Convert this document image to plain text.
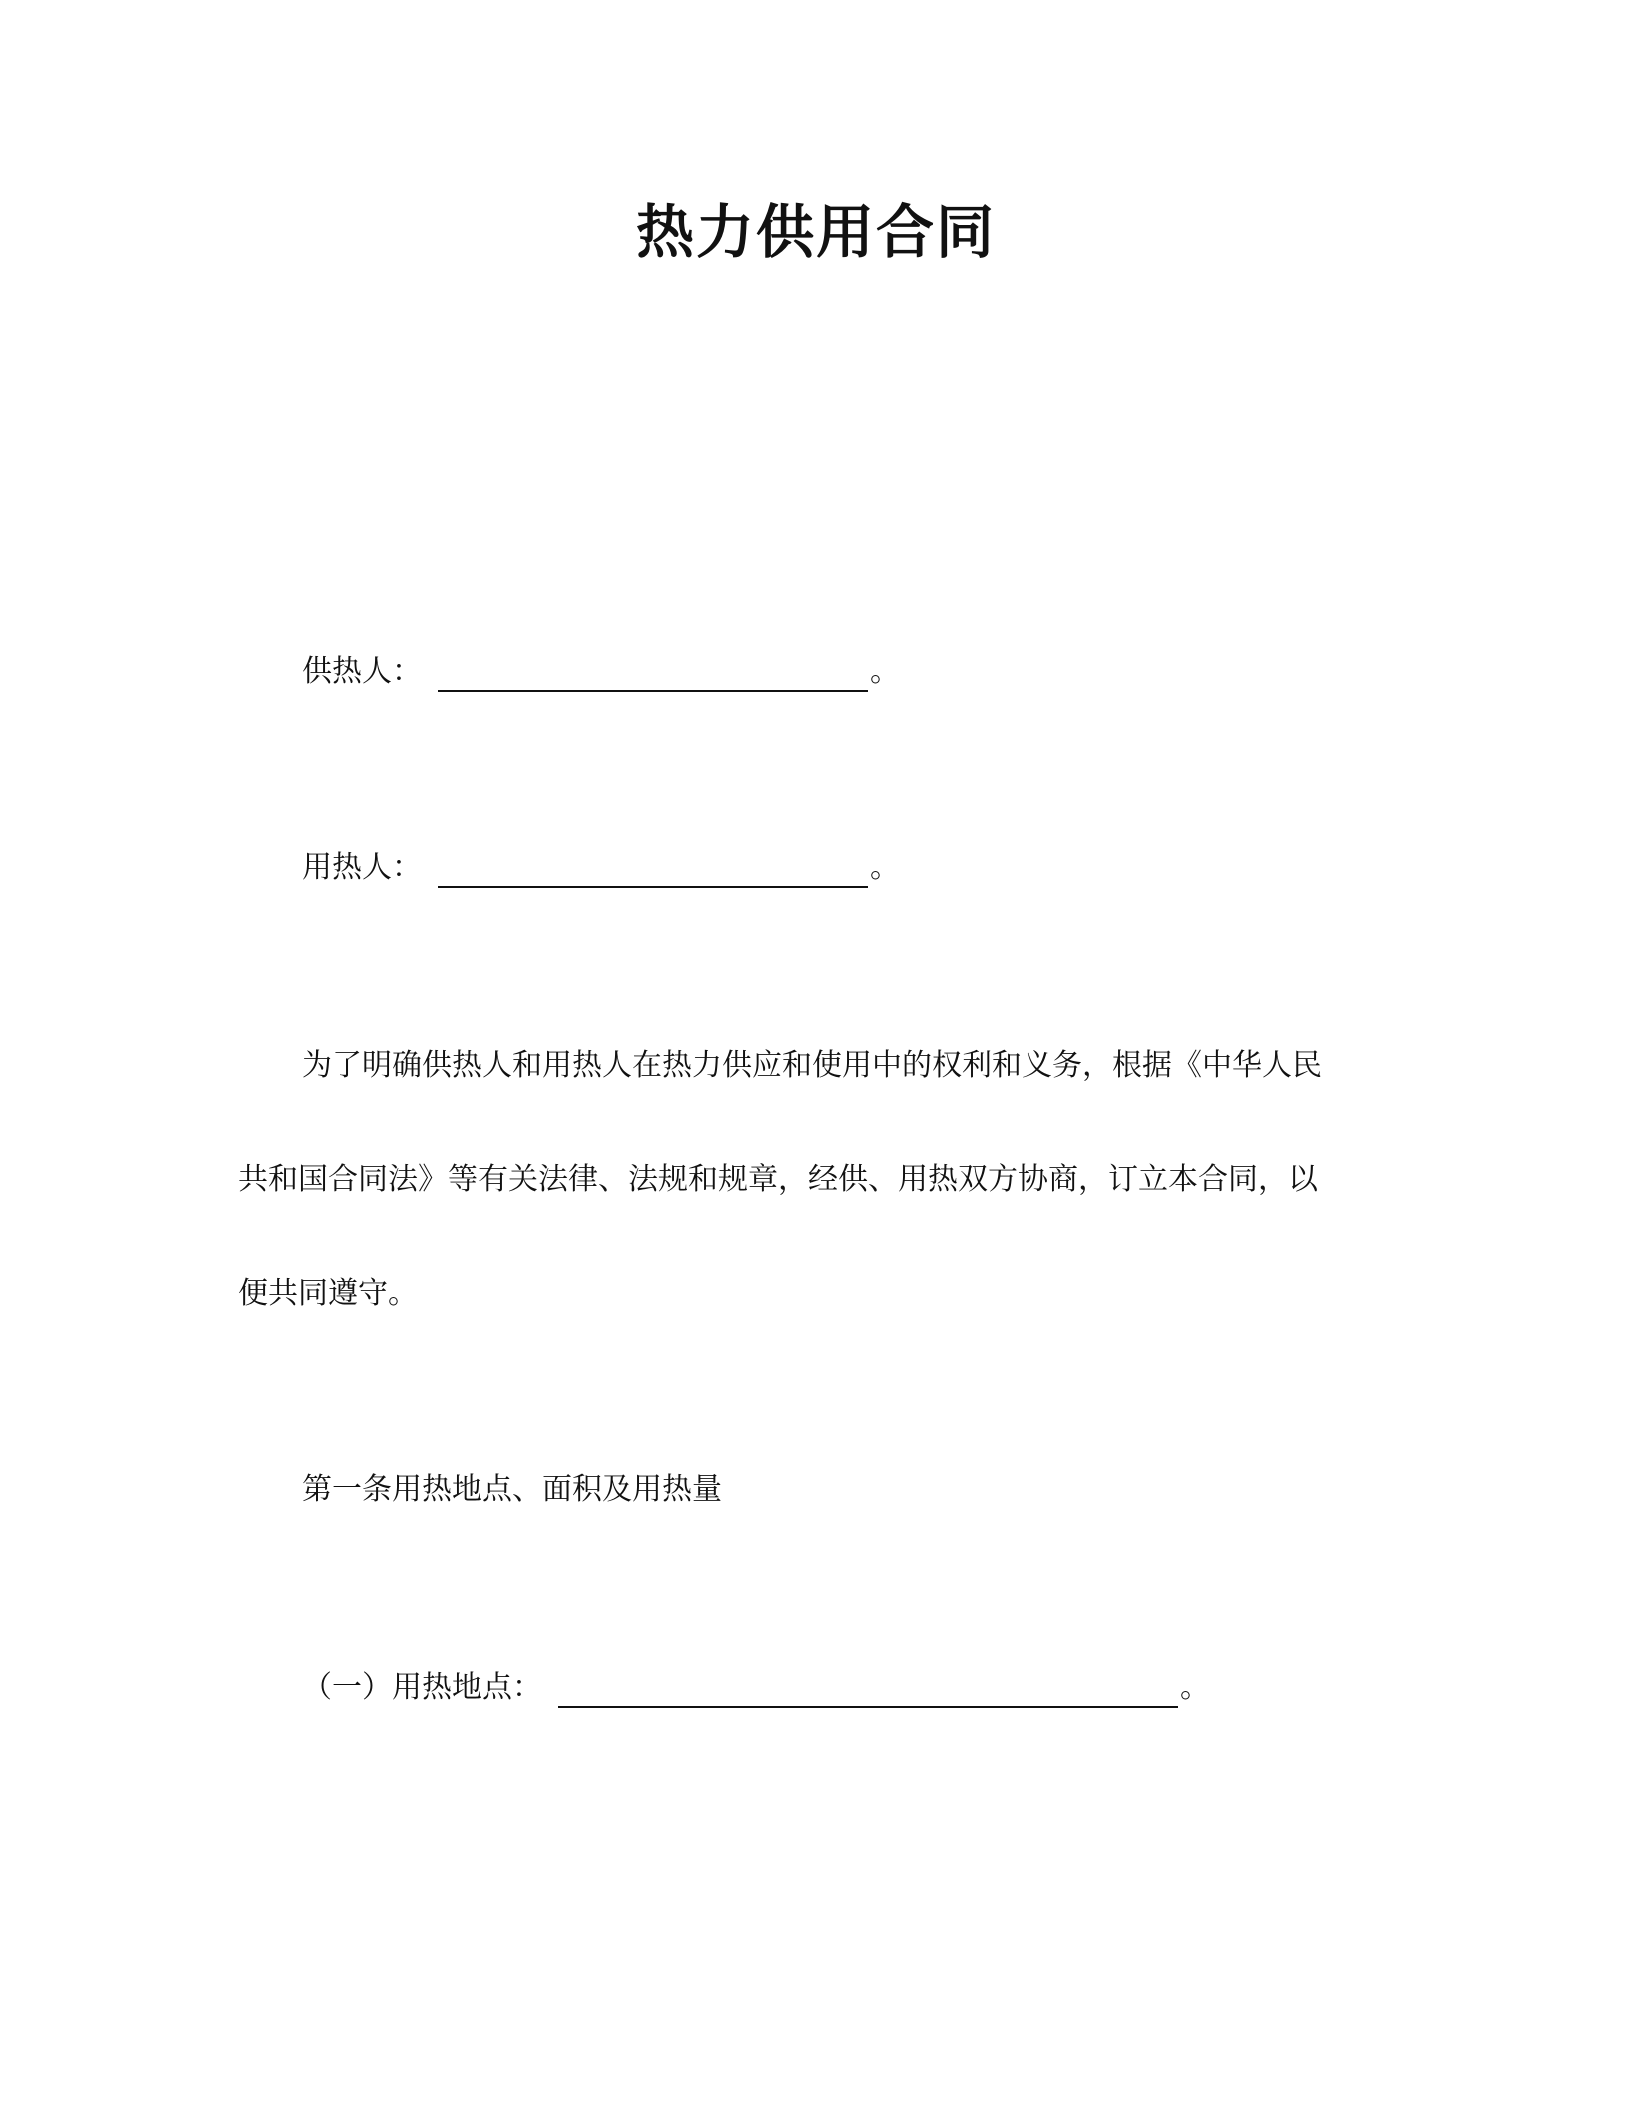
热力供用合同
供热人：	。
用热人：	。
为了明确供热人和用热人在热力供应和使用中的权利和义务，根据《中华人民
共和国合同法》等有关法律、法规和规章，经供、用热双方协商，订立本合同，以
便共同遵守。
第一条用热地点、面积及用热量
（一）用热地点：	。
